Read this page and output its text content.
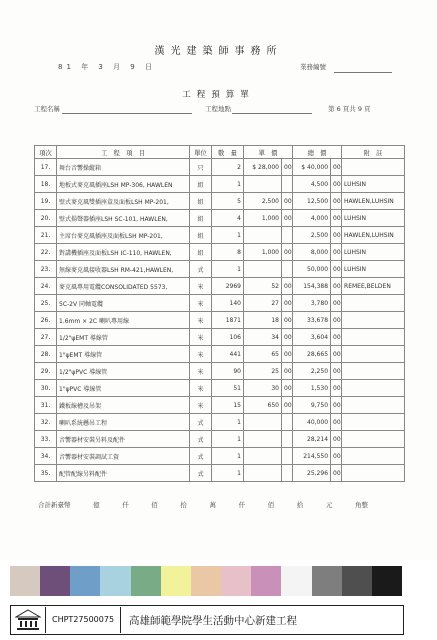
漢光建築師事務所
81 年 3 月 9 日	業務編號
工程預算單
工程名稱	工程地點	第 6 頁共 9 頁
項次	工　程　項　目	單位	數　量	單　價		總　價		附　註
17.	舞台音響操縱箱	只	2	$ 28,000	00	$ 40,000	00	
18.	地板式麥克風插座LSH MP-306, HAWLEN	組	1			4,500	00	LUHSIN
19.	壁式麥克風雙插座盒及面板LSH MP-201,	組	5	2,500	00	12,500	00	HAWLEN,LUHSIN
20.	壁式揚聲器插座LSH SC-101, HAWLEN,	組	4	1,000	00	4,000	00	LUHSIN
21.	主席台麥克風插座及面板LSH MP-201,	組	1			2,500	00	HAWLEN,LUHSIN
22.	對講機插座及面板LSH IC-110, HAWLEN,	組	8	1,000	00	8,000	00	LUHSIN
23.	無線麥克風接收器LSH RM-421,HAWLEN,	式	1			50,000	00	LUHSIN
24.	麥克風專用電纜CONSOLIDATED 5573,	米	2969	52	00	154,388	00	REMEE,BELDEN
25.	5C-2V 同軸電纜	米	140	27	00	3,780	00	
26.	1.6mm × 2C 喇叭專用線	米	1871	18	00	33,678	00	
27.	1/2"ψEMT 導線管	米	106	34	00	3,604	00	
28.	1"ψEMT 導線管	米	441	65	00	28,665	00	
29.	1/2"ψPVC 導線管	米	90	25	00	2,250	00	
30.	1"ψPVC 導線管	米	51	30	00	1,530	00	
31.	鐵板線槽及吊架	米	15	650	00	9,750	00	
32.	喇叭系統懸吊工程	式	1			40,000	00	
33.	音響器材安裝另料及配件	式	1			28,214	00	
34.	音響器材安裝調試工資	式	1			214,550	00	
35.	配管配線另料配件	式	1			25,296	00	
合計新臺幣	億	仟	佰	拾	萬	仟	佰	拾	元	角整
CHPT27500075	高雄師範學院學生活動中心新建工程
